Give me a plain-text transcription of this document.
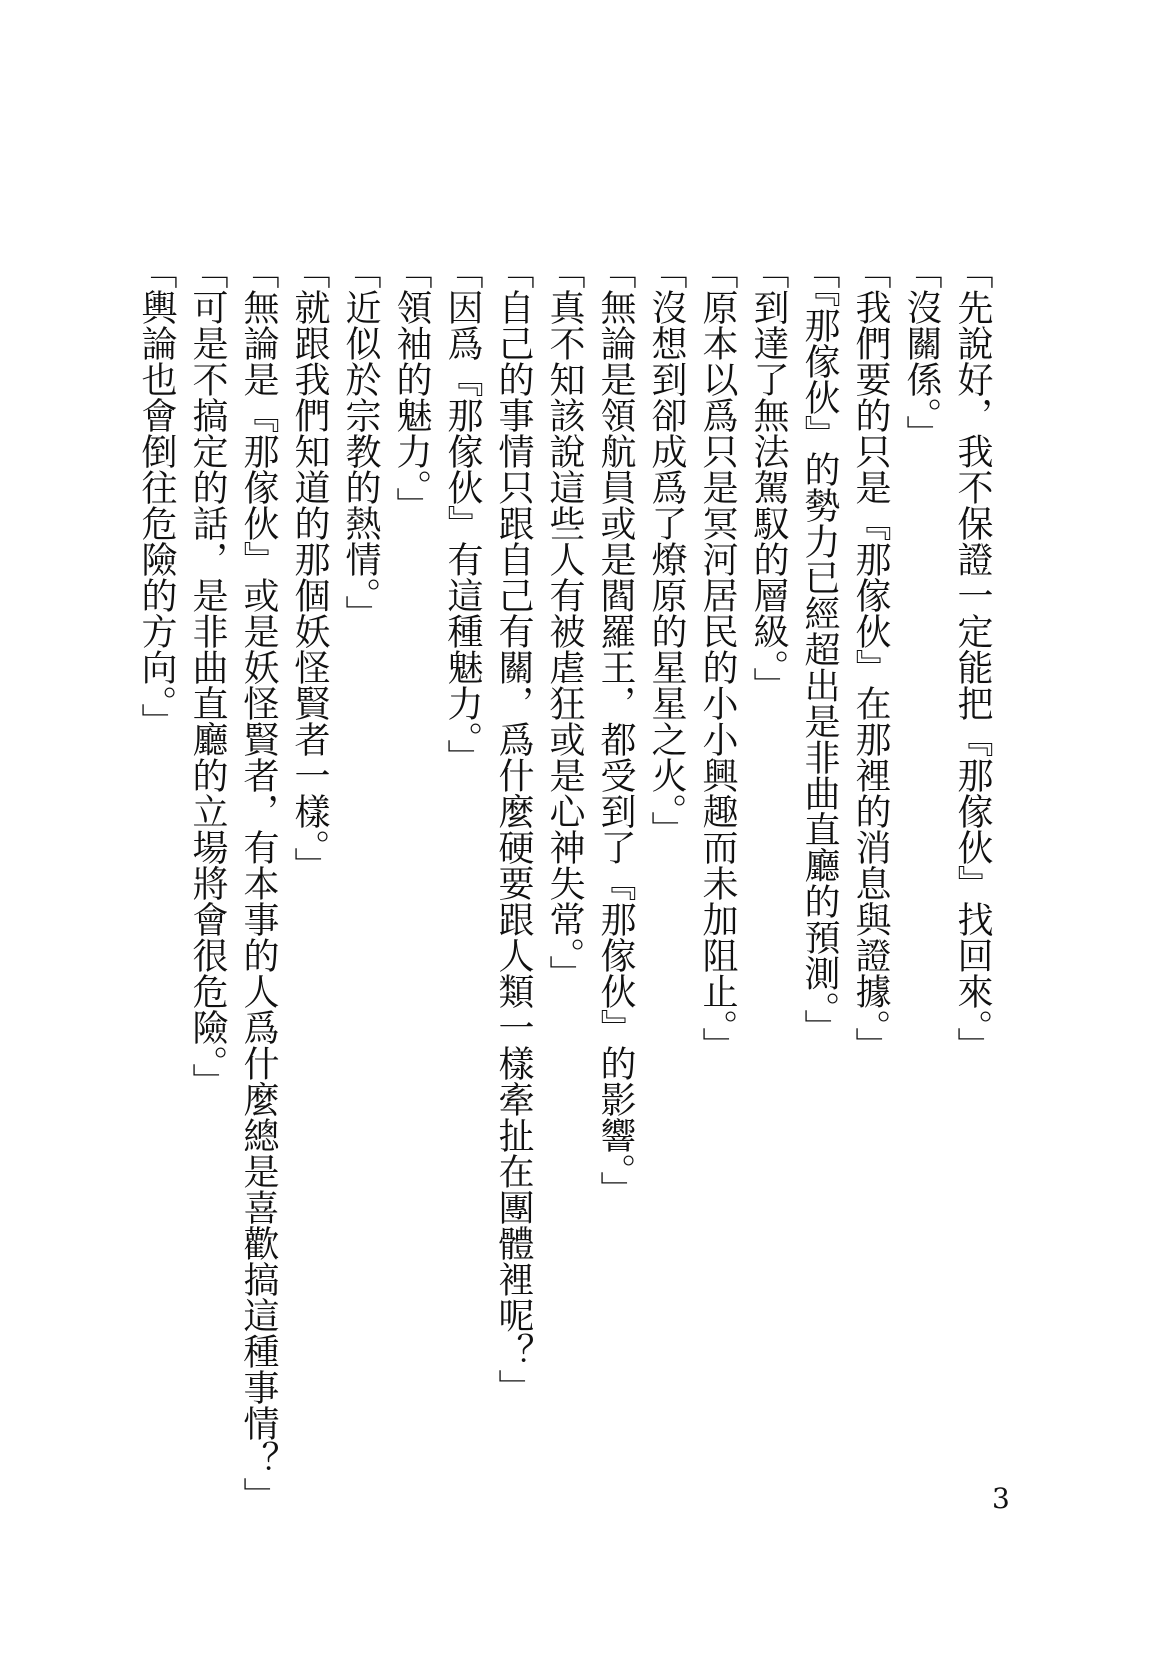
「先說好，我不保證一定能把『那傢伙』找回來。」
「沒關係。」
「我們要的只是『那傢伙』在那裡的消息與證據。」
「『那傢伙』的勢力已經超出是非曲直廳的預測。」
「到達了無法駕馭的層級。」
「原本以爲只是冥河居民的小小興趣而未加阻止。」
「沒想到卻成爲了燎原的星星之火。」
「無論是領航員或是閻羅王，都受到了『那傢伙』的影響。」
「真不知該說這些人有被虐狂或是心神失常。」
「自己的事情只跟自己有關，爲什麼硬要跟人類一樣牽扯在團體裡呢？」
「因爲『那傢伙』有這種魅力。」
「領袖的魅力。」
「近似於宗教的熱情。」
「就跟我們知道的那個妖怪賢者一樣。」
「無論是『那傢伙』或是妖怪賢者，有本事的人爲什麼總是喜歡搞這種事情？」
「可是不搞定的話，是非曲直廳的立場將會很危險。」
「輿論也會倒往危險的方向。」
3
